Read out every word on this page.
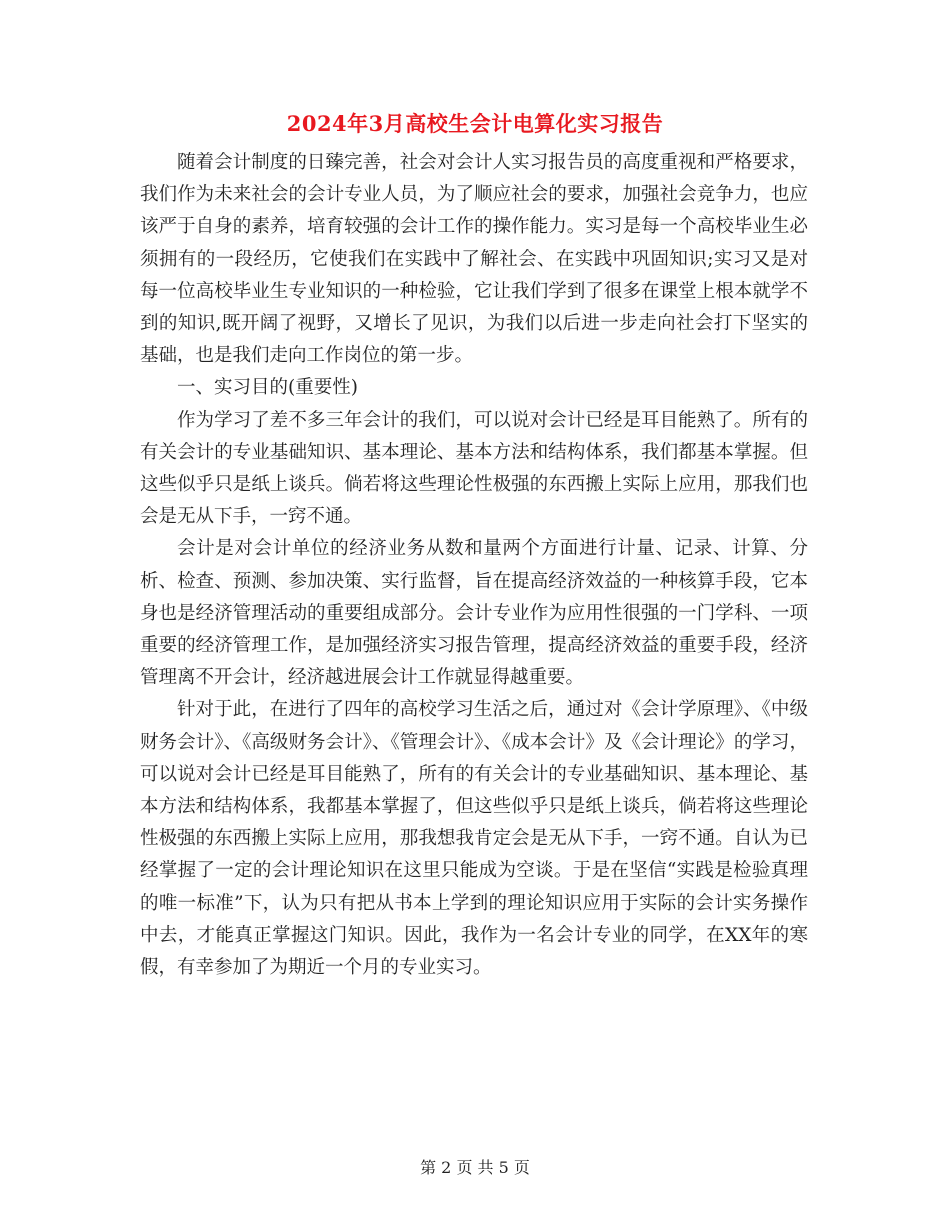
2024年3月高校生会计电算化实习报告

随着会计制度的日臻完善，社会对会计人实习报告员的高度重视和严格要求，我们作为未来社会的会计专业人员，为了顺应社会的要求，加强社会竞争力，也应该严于自身的素养，培育较强的会计工作的操作能力。实习是每一个高校毕业生必须拥有的一段经历，它使我们在实践中了解社会、在实践中巩固知识;实习又是对每一位高校毕业生专业知识的一种检验，它让我们学到了很多在课堂上根本就学不到的知识,既开阔了视野，又增长了见识，为我们以后进一步走向社会打下坚实的基础，也是我们走向工作岗位的第一步。

一、实习目的(重要性)

作为学习了差不多三年会计的我们，可以说对会计已经是耳目能熟了。所有的有关会计的专业基础知识、基本理论、基本方法和结构体系，我们都基本掌握。但这些似乎只是纸上谈兵。倘若将这些理论性极强的东西搬上实际上应用，那我们也会是无从下手，一窍不通。

会计是对会计单位的经济业务从数和量两个方面进行计量、记录、计算、分析、检查、预测、参加决策、实行监督，旨在提高经济效益的一种核算手段，它本身也是经济管理活动的重要组成部分。会计专业作为应用性很强的一门学科、一项重要的经济管理工作，是加强经济实习报告管理，提高经济效益的重要手段，经济管理离不开会计，经济越进展会计工作就显得越重要。

针对于此，在进行了四年的高校学习生活之后，通过对《会计学原理》、《中级财务会计》、《高级财务会计》、《管理会计》、《成本会计》及《会计理论》的学习，可以说对会计已经是耳目能熟了，所有的有关会计的专业基础知识、基本理论、基本方法和结构体系，我都基本掌握了，但这些似乎只是纸上谈兵，倘若将这些理论性极强的东西搬上实际上应用，那我想我肯定会是无从下手，一窍不通。自认为已经掌握了一定的会计理论知识在这里只能成为空谈。于是在坚信“实践是检验真理的唯一标准”下，认为只有把从书本上学到的理论知识应用于实际的会计实务操作中去，才能真正掌握这门知识。因此，我作为一名会计专业的同学，在XX年的寒假，有幸参加了为期近一个月的专业实习。

第 2 页 共 5 页
